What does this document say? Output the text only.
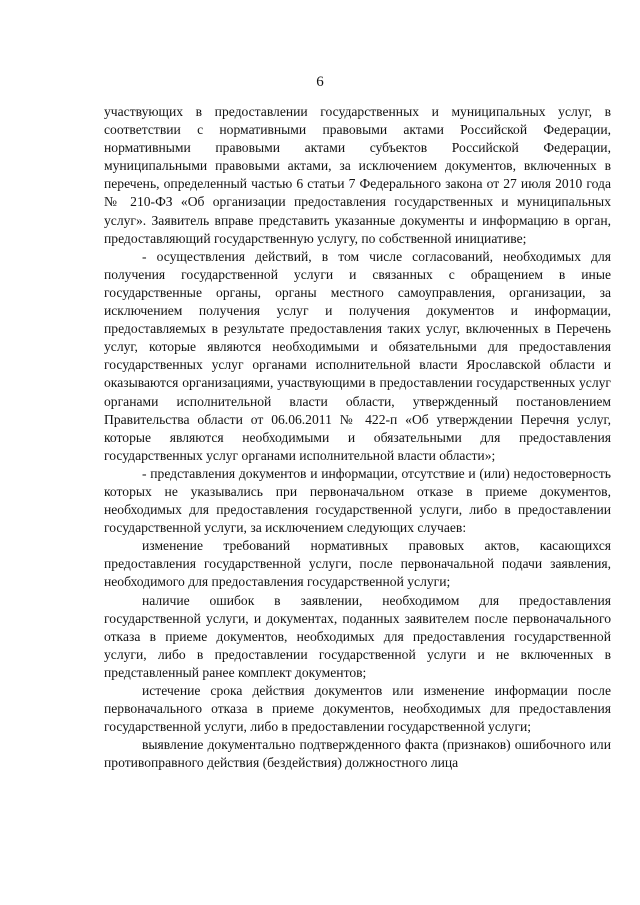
6

участвующих в предоставлении государственных и муниципальных услуг, в соответствии с нормативными правовыми актами Российской Федерации, нормативными правовыми актами субъектов Российской Федерации, муниципальными правовыми актами, за исключением документов, включенных в перечень, определенный частью 6 статьи 7 Федерального закона от 27 июля 2010 года № 210-ФЗ «Об организации предоставления государственных и муниципальных услуг». Заявитель вправе представить указанные документы и информацию в орган, предоставляющий государственную услугу, по собственной инициативе;

- осуществления действий, в том числе согласований, необходимых для получения государственной услуги и связанных с обращением в иные государственные органы, органы местного самоуправления, организации, за исключением получения услуг и получения документов и информации, предоставляемых в результате предоставления таких услуг, включенных в Перечень услуг, которые являются необходимыми и обязательными для предоставления государственных услуг органами исполнительной власти Ярославской области и оказываются организациями, участвующими в предоставлении государственных услуг органами исполнительной власти области, утвержденный постановлением Правительства области от 06.06.2011 № 422-п «Об утверждении Перечня услуг, которые являются необходимыми и обязательными для предоставления государственных услуг органами исполнительной власти области»;

- представления документов и информации, отсутствие и (или) недостоверность которых не указывались при первоначальном отказе в приеме документов, необходимых для предоставления государственной услуги, либо в предоставлении государственной услуги, за исключением следующих случаев:

изменение требований нормативных правовых актов, касающихся предоставления государственной услуги, после первоначальной подачи заявления, необходимого для предоставления государственной услуги;

наличие ошибок в заявлении, необходимом для предоставления государственной услуги, и документах, поданных заявителем после первоначального отказа в приеме документов, необходимых для предоставления государственной услуги, либо в предоставлении государственной услуги и не включенных в представленный ранее комплект документов;

истечение срока действия документов или изменение информации после первоначального отказа в приеме документов, необходимых для предоставления государственной услуги, либо в предоставлении государственной услуги;

выявление документально подтвержденного факта (признаков) ошибочного или противоправного действия (бездействия) должностного лица
